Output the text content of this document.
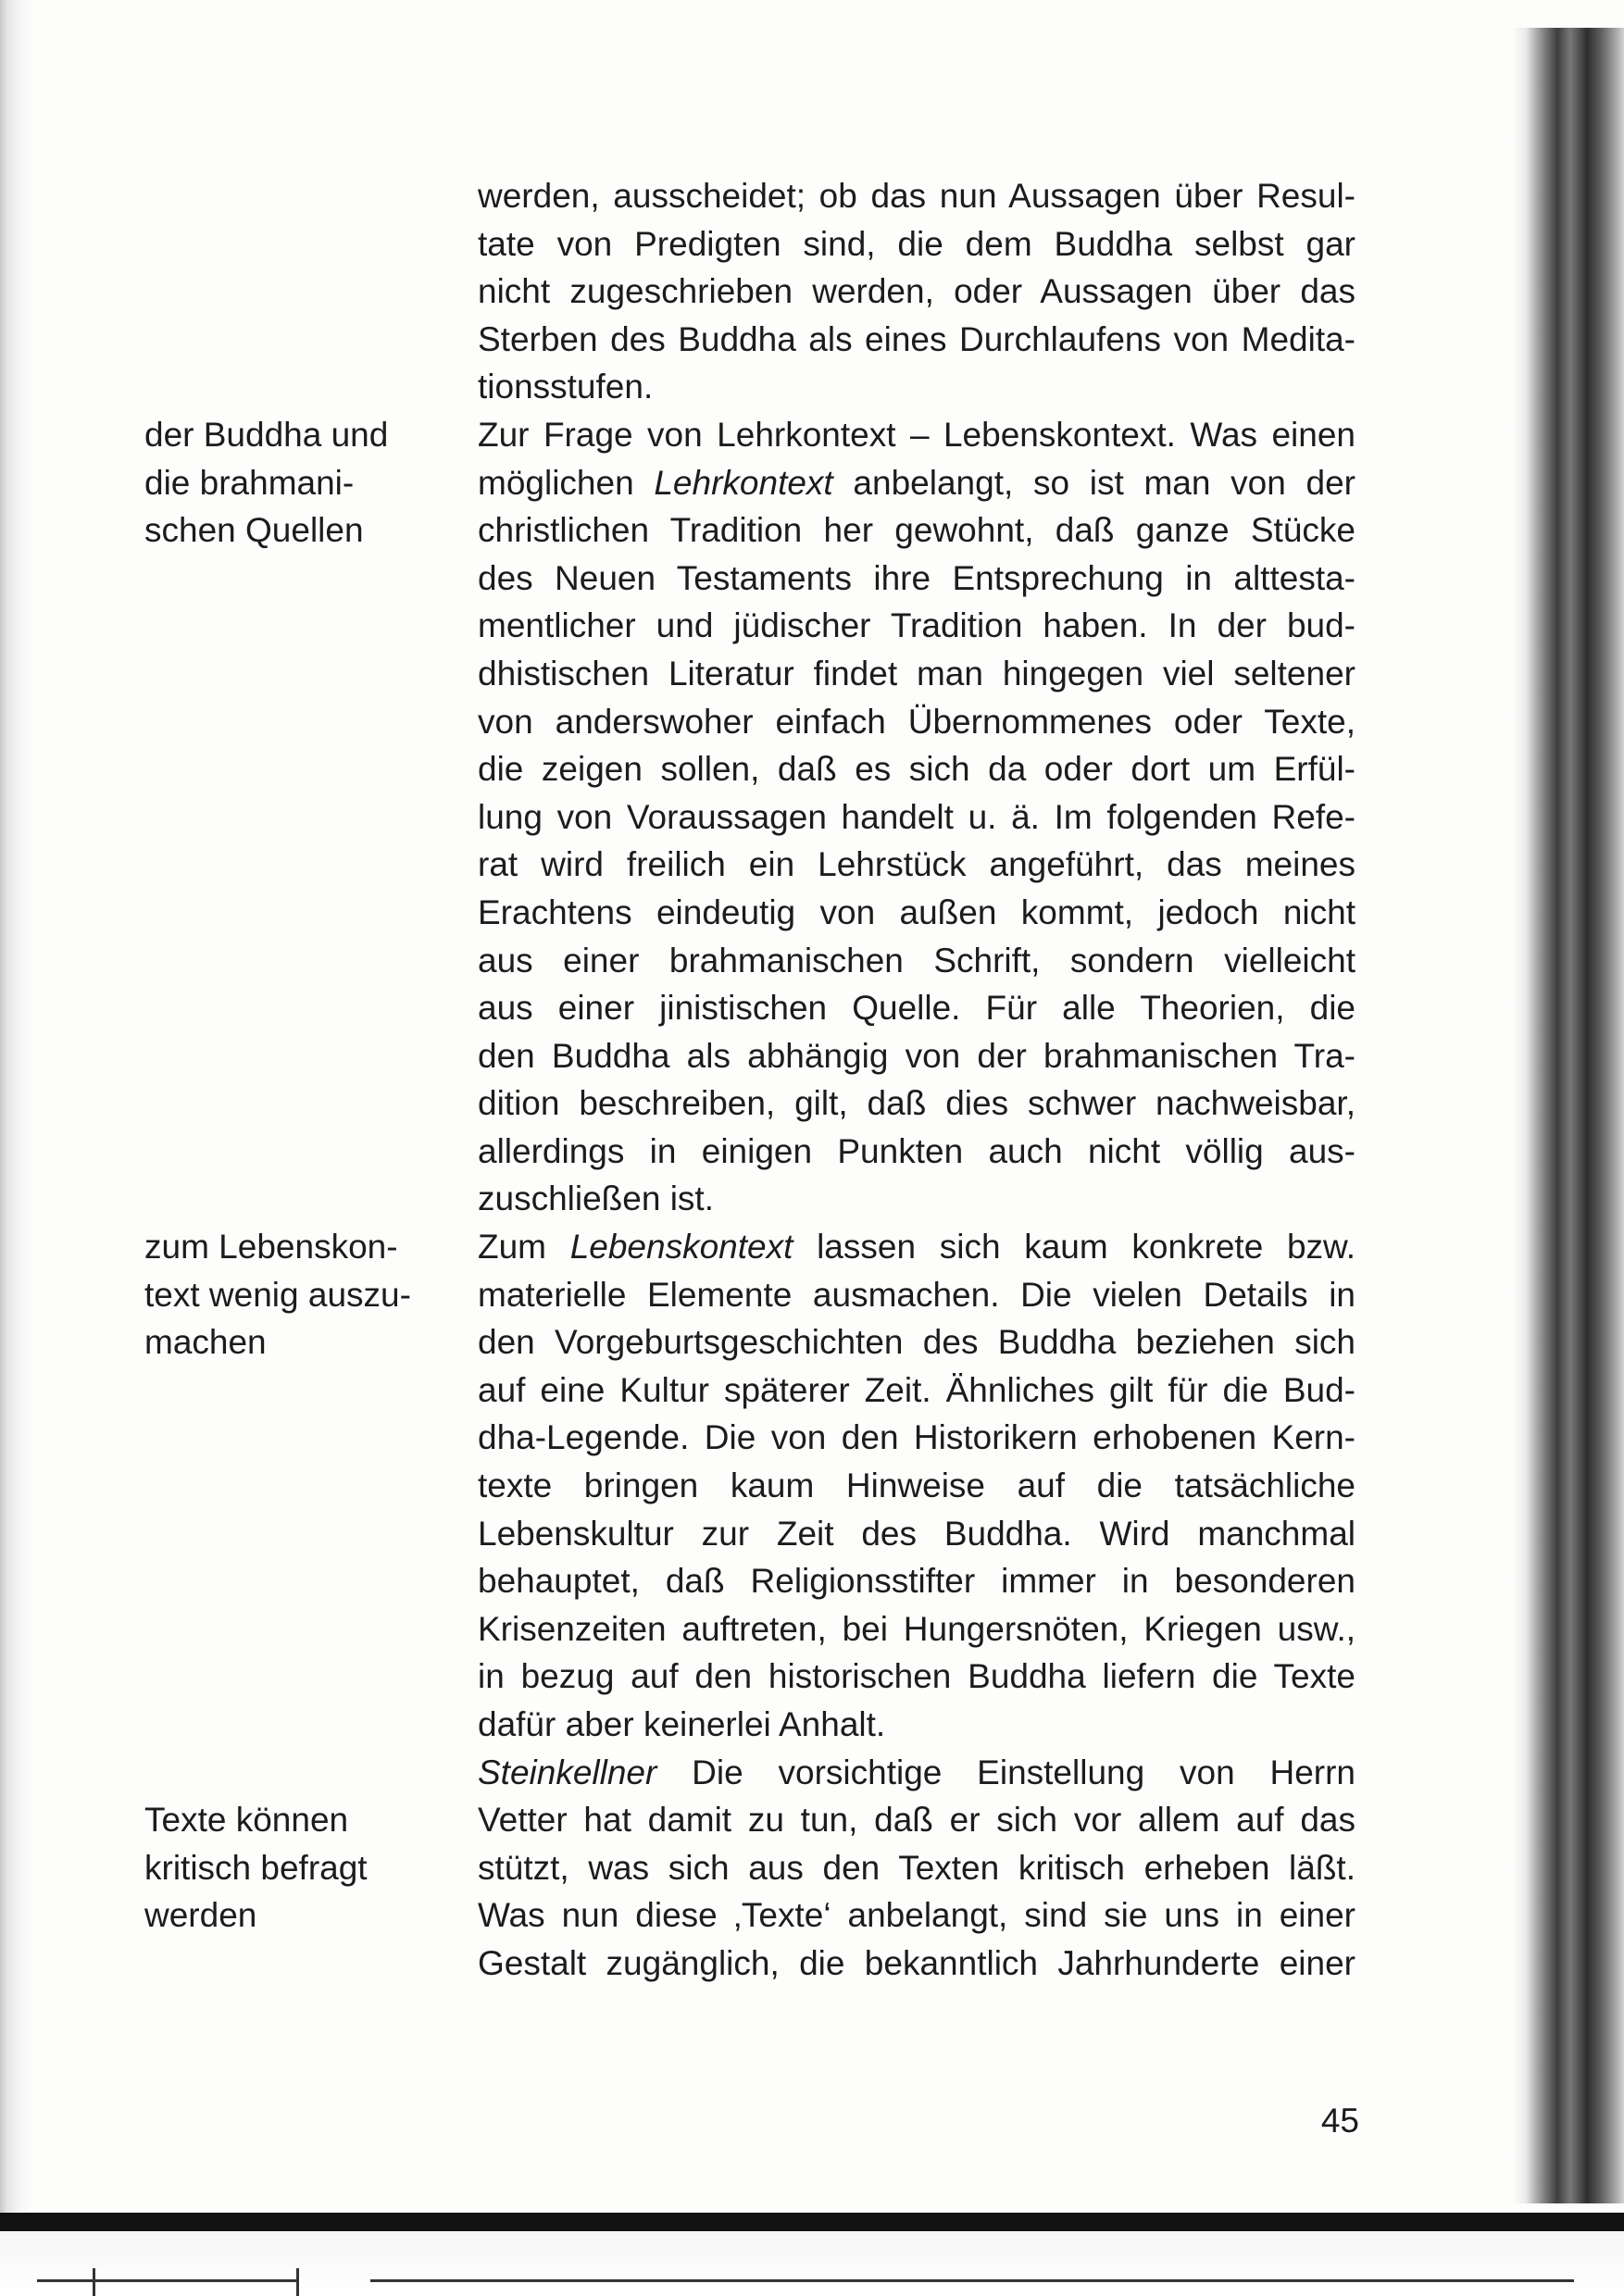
werden, ausscheidet; ob das nun Aussagen über Resul-
tate von Predigten sind, die dem Buddha selbst gar
nicht zugeschrieben werden, oder Aussagen über das
Sterben des Buddha als eines Durchlaufens von Medita-
tionsstufen.
Zur Frage von Lehrkontext – Lebenskontext. Was einen
möglichen Lehrkontext anbelangt, so ist man von der
christlichen Tradition her gewohnt, daß ganze Stücke
des Neuen Testaments ihre Entsprechung in alttesta-
mentlicher und jüdischer Tradition haben. In der bud-
dhistischen Literatur findet man hingegen viel seltener
von anderswoher einfach Übernommenes oder Texte,
die zeigen sollen, daß es sich da oder dort um Erfül-
lung von Voraussagen handelt u. ä. Im folgenden Refe-
rat wird freilich ein Lehrstück angeführt, das meines
Erachtens eindeutig von außen kommt, jedoch nicht
aus einer brahmanischen Schrift, sondern vielleicht
aus einer jinistischen Quelle. Für alle Theorien, die
den Buddha als abhängig von der brahmanischen Tra-
dition beschreiben, gilt, daß dies schwer nachweisbar,
allerdings in einigen Punkten auch nicht völlig aus-
zuschließen ist.
Zum Lebenskontext lassen sich kaum konkrete bzw.
materielle Elemente ausmachen. Die vielen Details in
den Vorgeburtsgeschichten des Buddha beziehen sich
auf eine Kultur späterer Zeit. Ähnliches gilt für die Bud-
dha-Legende. Die von den Historikern erhobenen Kern-
texte bringen kaum Hinweise auf die tatsächliche
Lebenskultur zur Zeit des Buddha. Wird manchmal
behauptet, daß Religionsstifter immer in besonderen
Krisenzeiten auftreten, bei Hungersnöten, Kriegen usw.,
in bezug auf den historischen Buddha liefern die Texte
dafür aber keinerlei Anhalt.
Steinkellner Die vorsichtige Einstellung von Herrn
Vetter hat damit zu tun, daß er sich vor allem auf das
stützt, was sich aus den Texten kritisch erheben läßt.
Was nun diese ‚Texte‘ anbelangt, sind sie uns in einer
Gestalt zugänglich, die bekanntlich Jahrhunderte einer
der Buddha und
die brahmani-
schen Quellen
zum Lebenskon-
text wenig auszu-
machen
Texte können
kritisch befragt
werden
45
